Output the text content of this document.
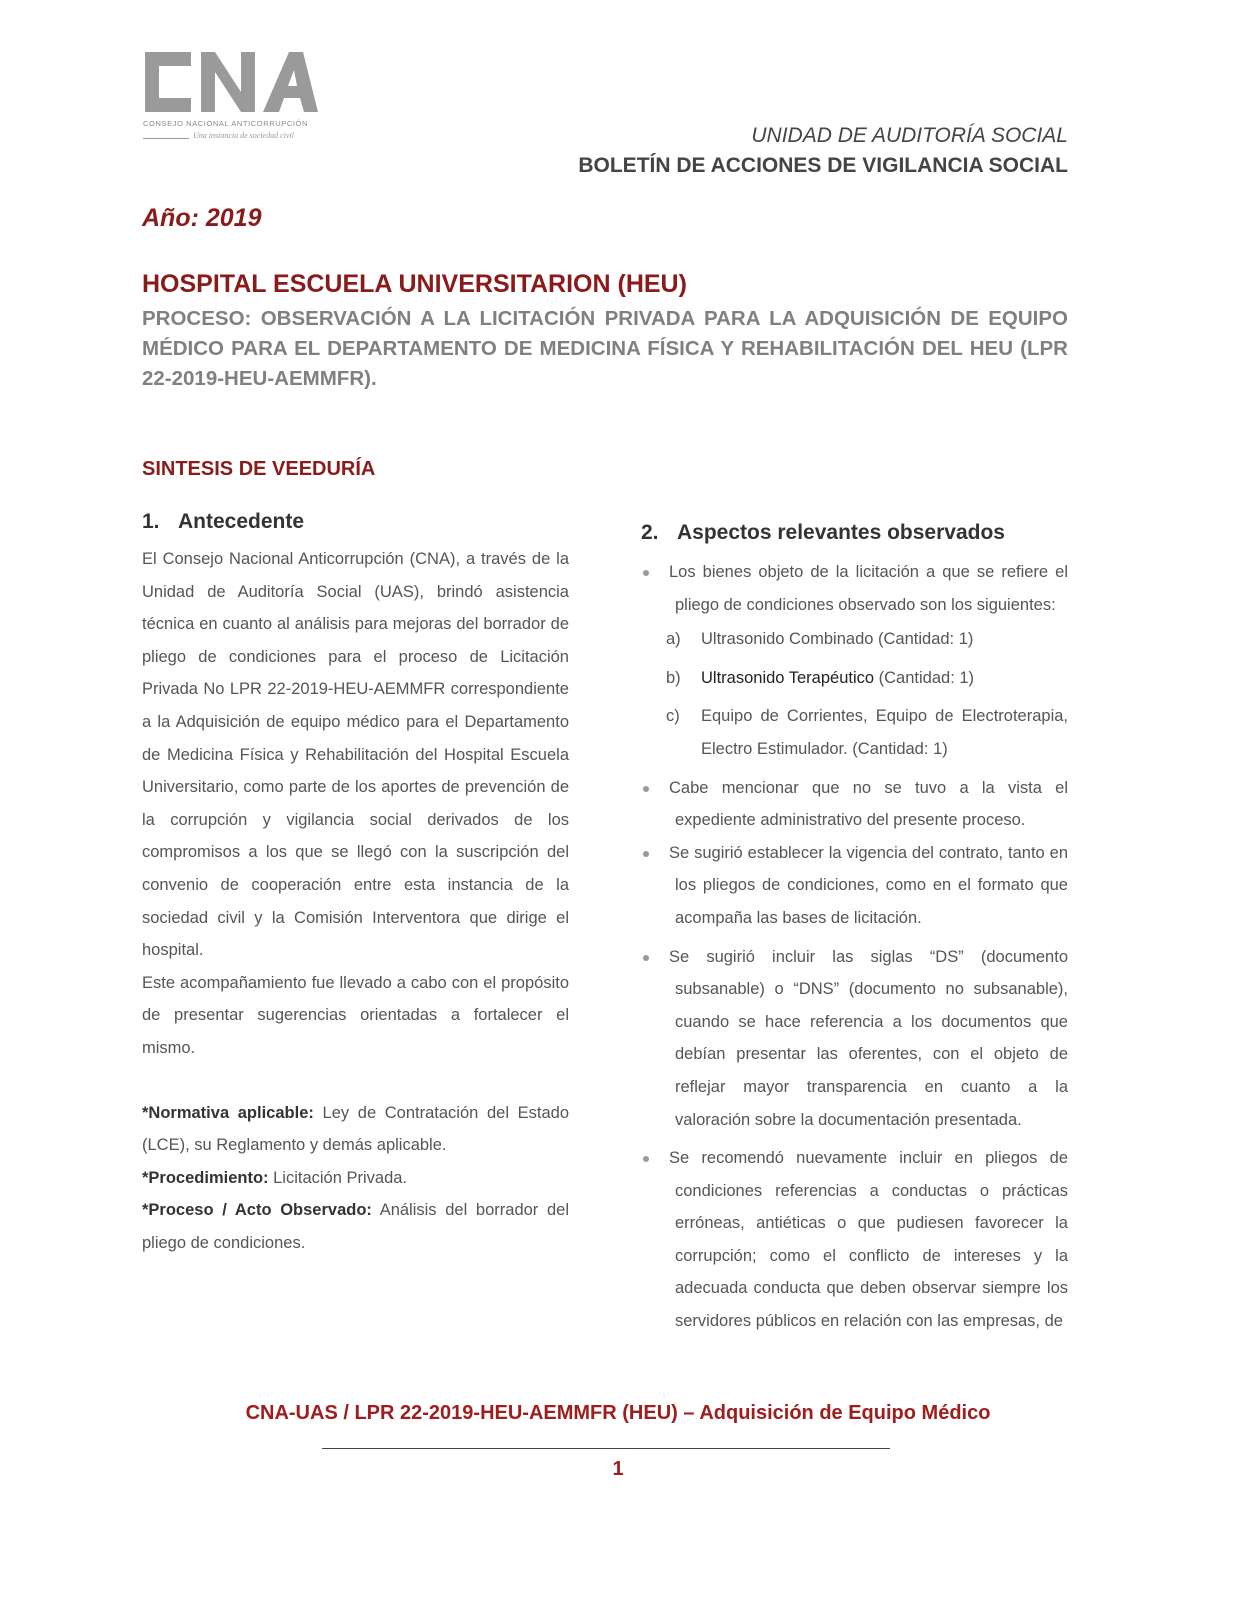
CONSEJO NACIONAL ANTICORRUPCIÓN
Una instancia de sociedad civil	UNIDAD DE AUDITORÍA SOCIAL
BOLETÍN DE ACCIONES DE VIGILANCIA SOCIAL
Año: 2019
HOSPITAL ESCUELA UNIVERSITARION (HEU)
PROCESO: OBSERVACIÓN A LA LICITACIÓN PRIVADA PARA LA ADQUISICIÓN DE EQUIPO MÉDICO PARA EL DEPARTAMENTO DE MEDICINA FÍSICA Y REHABILITACIÓN DEL HEU (LPR 22-2019-HEU-AEMMFR).
SINTESIS DE VEEDURÍA
1. Antecedente

El Consejo Nacional Anticorrupción (CNA), a través de la Unidad de Auditoría Social (UAS), brindó asistencia técnica en cuanto al análisis para mejoras del borrador de pliego de condiciones para el proceso de Licitación Privada No LPR 22-2019-HEU-AEMMFR correspondiente a la Adquisición de equipo médico para el Departamento de Medicina Física y Rehabilitación del Hospital Escuela Universitario, como parte de los aportes de prevención de la corrupción y vigilancia social derivados de los compromisos a los que se llegó con la suscripción del convenio de cooperación entre esta instancia de la sociedad civil y la Comisión Interventora que dirige el hospital.

Este acompañamiento fue llevado a cabo con el propósito de presentar sugerencias orientadas a fortalecer el mismo.

*Normativa aplicable: Ley de Contratación del Estado (LCE), su Reglamento y demás aplicable.

*Procedimiento: Licitación Privada.

*Proceso / Acto Observado: Análisis del borrador del pliego de condiciones.

2. Aspectos relevantes observados

Los bienes objeto de la licitación a que se refiere el pliego de condiciones observado son los siguientes:

a) Ultrasonido Combinado (Cantidad: 1)
b) Ultrasonido Terapéutico (Cantidad: 1)
c) Equipo de Corrientes, Equipo de Electroterapia, Electro Estimulador. (Cantidad: 1)

Cabe mencionar que no se tuvo a la vista el expediente administrativo del presente proceso.

Se sugirió establecer la vigencia del contrato, tanto en los pliegos de condiciones, como en el formato que acompaña las bases de licitación.

Se sugirió incluir las siglas “DS” (documento subsanable) o “DNS” (documento no subsanable), cuando se hace referencia a los documentos que debían presentar las oferentes, con el objeto de reflejar mayor transparencia en cuanto a la valoración sobre la documentación presentada.

Se recomendó nuevamente incluir en pliegos de condiciones referencias a conductas o prácticas erróneas, antiéticas o que pudiesen favorecer la corrupción; como el conflicto de intereses y la adecuada conducta que deben observar siempre los servidores públicos en relación con las empresas, de

CNA-UAS / LPR 22-2019-HEU-AEMMFR (HEU) – Adquisición de Equipo Médico
1
